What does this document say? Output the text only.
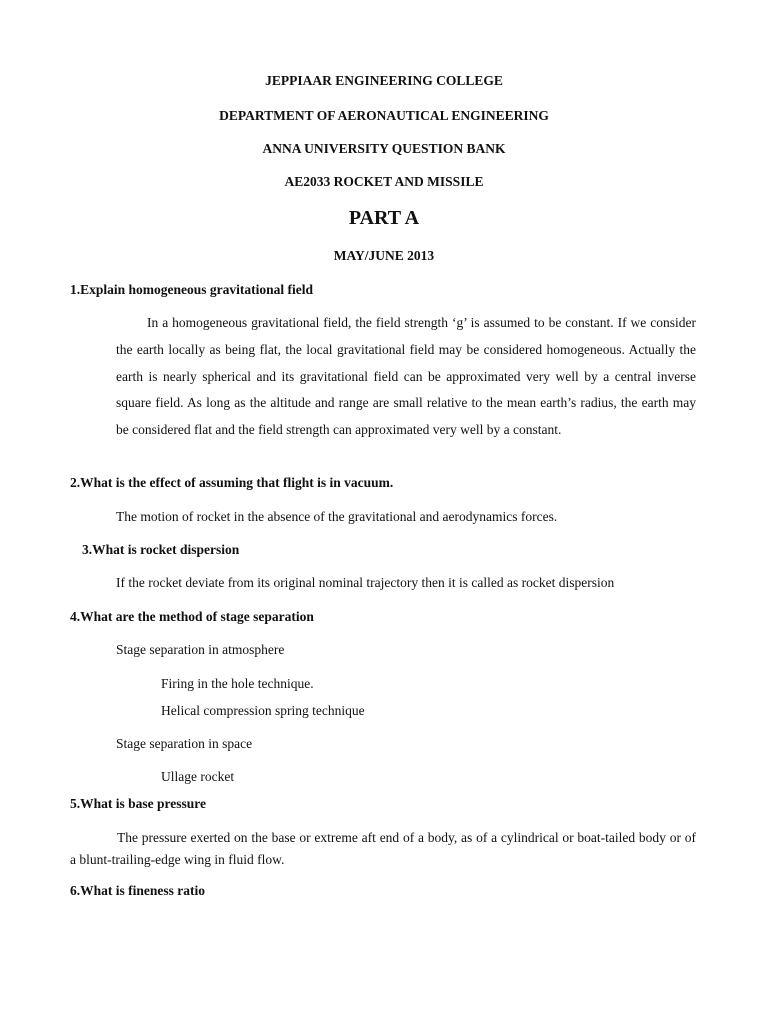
JEPPIAAR ENGINEERING COLLEGE
DEPARTMENT OF AERONAUTICAL ENGINEERING
ANNA UNIVERSITY QUESTION BANK
AE2033 ROCKET AND MISSILE
PART A
MAY/JUNE 2013
1.Explain homogeneous gravitational field
In a homogeneous gravitational field, the field strength ‘g’ is assumed to be constant. If we consider the earth locally as being flat, the local gravitational field may be considered homogeneous. Actually the earth is nearly spherical and its gravitational field can be approximated very well by a central inverse square field. As long as the altitude and range are small relative to the mean earth’s radius, the earth may be considered flat and the field strength can approximated very well by a constant.
2.What is the effect of assuming that flight is in vacuum.
The motion of rocket in the absence of the gravitational and aerodynamics forces.
3.What is rocket dispersion
If the rocket deviate from its original nominal trajectory then it is called as rocket dispersion
4.What are the method of stage separation
Stage separation in atmosphere
Firing in the hole technique.
Helical compression spring technique
Stage separation in space
Ullage rocket
5.What is base pressure
The pressure exerted on the base or extreme aft end of a body, as of a cylindrical or boat-tailed body or of a blunt-trailing-edge wing in fluid flow.
6.What is fineness ratio
